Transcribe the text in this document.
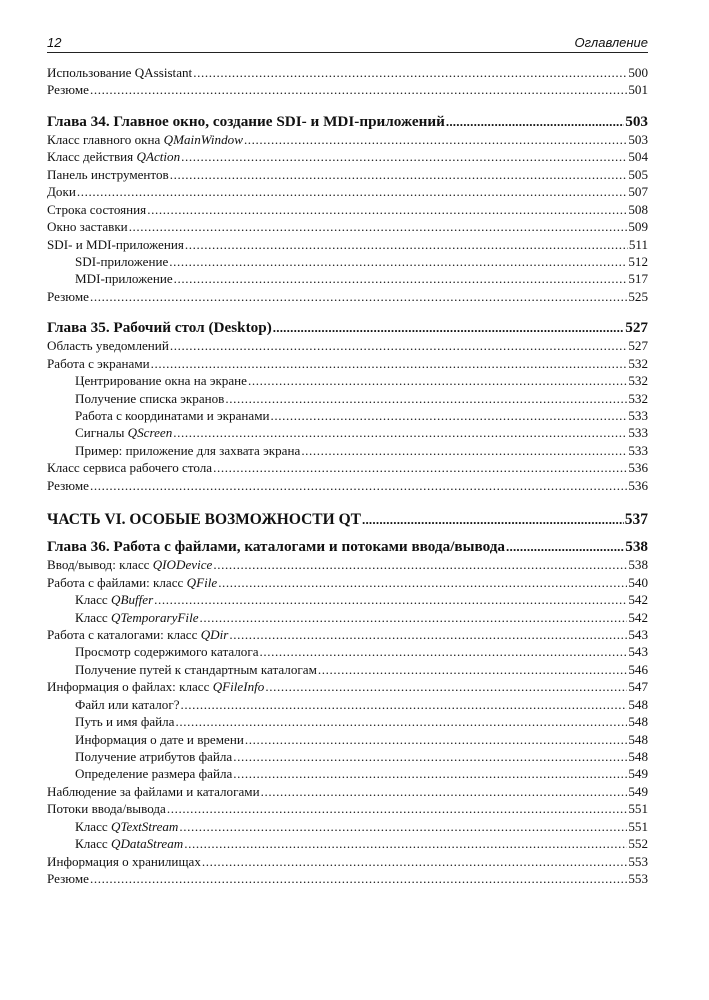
12	Оглавление
Использование QAssistant .....	500
Резюме .....	501
Глава 34. Главное окно, создание SDI- и MDI-приложений .....	503
Класс главного окна QMainWindow .....	503
Класс действия QAction .....	504
Панель инструментов .....	505
Доки .....	507
Строка состояния .....	508
Окно заставки .....	509
SDI- и MDI-приложения .....	511
SDI-приложение .....	512
MDI-приложение .....	517
Резюме .....	525
Глава 35. Рабочий стол (Desktop) .....	527
Область уведомлений .....	527
Работа с экранами .....	532
Центрирование окна на экране .....	532
Получение списка экранов .....	532
Работа с координатами и экранами .....	533
Сигналы QScreen .....	533
Пример: приложение для захвата экрана .....	533
Класс сервиса рабочего стола .....	536
Резюме .....	536
ЧАСТЬ VI. ОСОБЫЕ ВОЗМОЖНОСТИ QT .....	537
Глава 36. Работа с файлами, каталогами и потоками ввода/вывода .....	538
Ввод/вывод: класс QIODevice .....	538
Работа с файлами: класс QFile .....	540
Класс QBuffer .....	542
Класс QTemporaryFile .....	542
Работа с каталогами: класс QDir .....	543
Просмотр содержимого каталога .....	543
Получение путей к стандартным каталогам .....	546
Информация о файлах: класс QFileInfo .....	547
Файл или каталог? .....	548
Путь и имя файла .....	548
Информация о дате и времени .....	548
Получение атрибутов файла .....	548
Определение размера файла .....	549
Наблюдение за файлами и каталогами .....	549
Потоки ввода/вывода .....	551
Класс QTextStream .....	551
Класс QDataStream .....	552
Информация о хранилищах .....	553
Резюме .....	553
